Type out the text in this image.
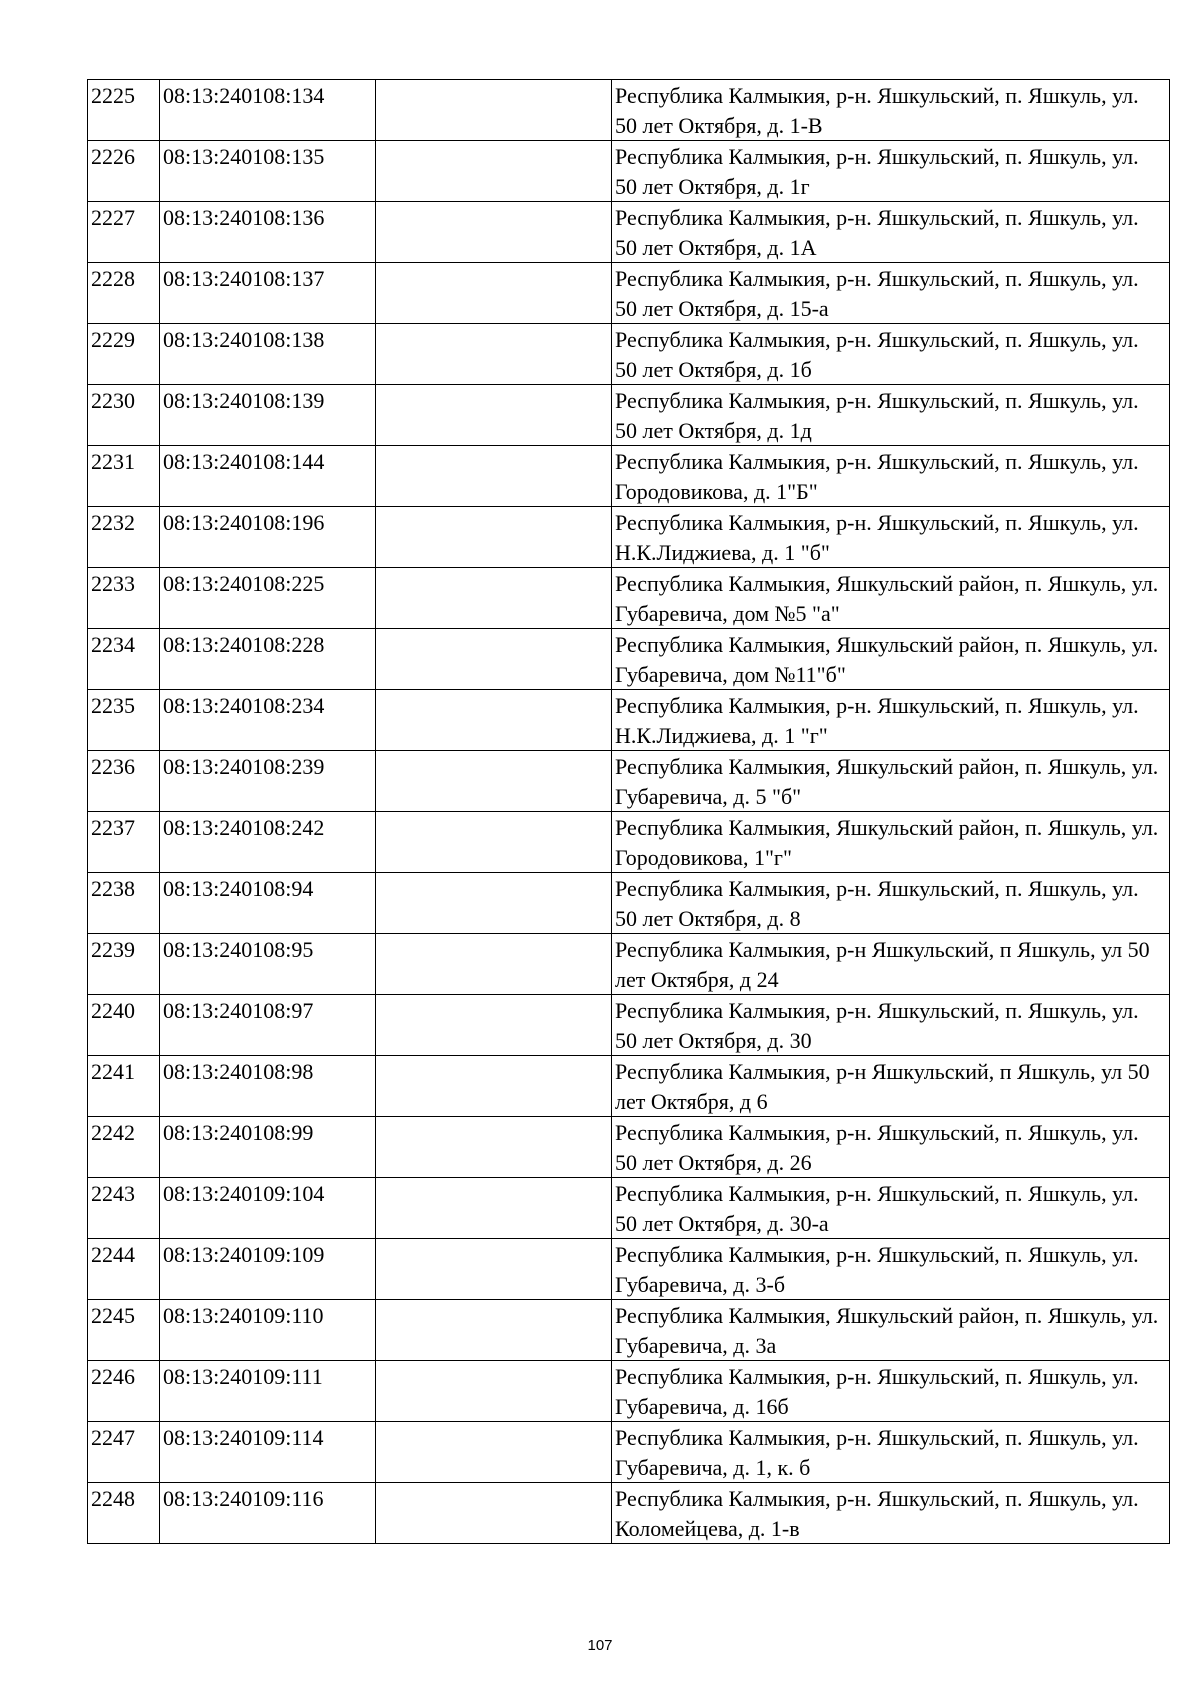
2225	08:13:240108:134		Республика Калмыкия, р-н. Яшкульский, п. Яшкуль, ул. 50 лет Октября, д. 1-В
2226	08:13:240108:135		Республика Калмыкия, р-н. Яшкульский, п. Яшкуль, ул. 50 лет Октября, д. 1г
2227	08:13:240108:136		Республика Калмыкия, р-н. Яшкульский, п. Яшкуль, ул. 50 лет Октября, д. 1А
2228	08:13:240108:137		Республика Калмыкия, р-н. Яшкульский, п. Яшкуль, ул. 50 лет Октября, д. 15-а
2229	08:13:240108:138		Республика Калмыкия, р-н. Яшкульский, п. Яшкуль, ул. 50 лет Октября, д. 1б
2230	08:13:240108:139		Республика Калмыкия, р-н. Яшкульский, п. Яшкуль, ул. 50 лет Октября, д. 1д
2231	08:13:240108:144		Республика Калмыкия, р-н. Яшкульский, п. Яшкуль, ул. Городовикова, д. 1"Б"
2232	08:13:240108:196		Республика Калмыкия, р-н. Яшкульский, п. Яшкуль, ул. Н.К.Лиджиева, д. 1 "б"
2233	08:13:240108:225		Республика Калмыкия, Яшкульский район, п. Яшкуль, ул. Губаревича, дом №5 "а"
2234	08:13:240108:228		Республика Калмыкия, Яшкульский район, п. Яшкуль, ул. Губаревича, дом №11"б"
2235	08:13:240108:234		Республика Калмыкия, р-н. Яшкульский, п. Яшкуль, ул. Н.К.Лиджиева, д. 1 "г"
2236	08:13:240108:239		Республика Калмыкия, Яшкульский район, п. Яшкуль, ул. Губаревича, д. 5 "б"
2237	08:13:240108:242		Республика Калмыкия, Яшкульский район, п. Яшкуль, ул. Городовикова, 1"г"
2238	08:13:240108:94		Республика Калмыкия, р-н. Яшкульский, п. Яшкуль, ул. 50 лет Октября, д. 8
2239	08:13:240108:95		Республика Калмыкия, р-н Яшкульский, п Яшкуль, ул 50 лет Октября, д 24
2240	08:13:240108:97		Республика Калмыкия, р-н. Яшкульский, п. Яшкуль, ул. 50 лет Октября, д. 30
2241	08:13:240108:98		Республика Калмыкия, р-н Яшкульский, п Яшкуль, ул 50 лет Октября, д 6
2242	08:13:240108:99		Республика Калмыкия, р-н. Яшкульский, п. Яшкуль, ул. 50 лет Октября, д. 26
2243	08:13:240109:104		Республика Калмыкия, р-н. Яшкульский, п. Яшкуль, ул. 50 лет Октября, д. 30-а
2244	08:13:240109:109		Республика Калмыкия, р-н. Яшкульский, п. Яшкуль, ул. Губаревича, д. 3-б
2245	08:13:240109:110		Республика Калмыкия, Яшкульский район, п. Яшкуль, ул. Губаревича, д. 3а
2246	08:13:240109:111		Республика Калмыкия, р-н. Яшкульский, п. Яшкуль, ул. Губаревича, д. 16б
2247	08:13:240109:114		Республика Калмыкия, р-н. Яшкульский, п. Яшкуль, ул. Губаревича, д. 1, к. б
2248	08:13:240109:116		Республика Калмыкия, р-н. Яшкульский, п. Яшкуль, ул. Коломейцева, д. 1-в
107
